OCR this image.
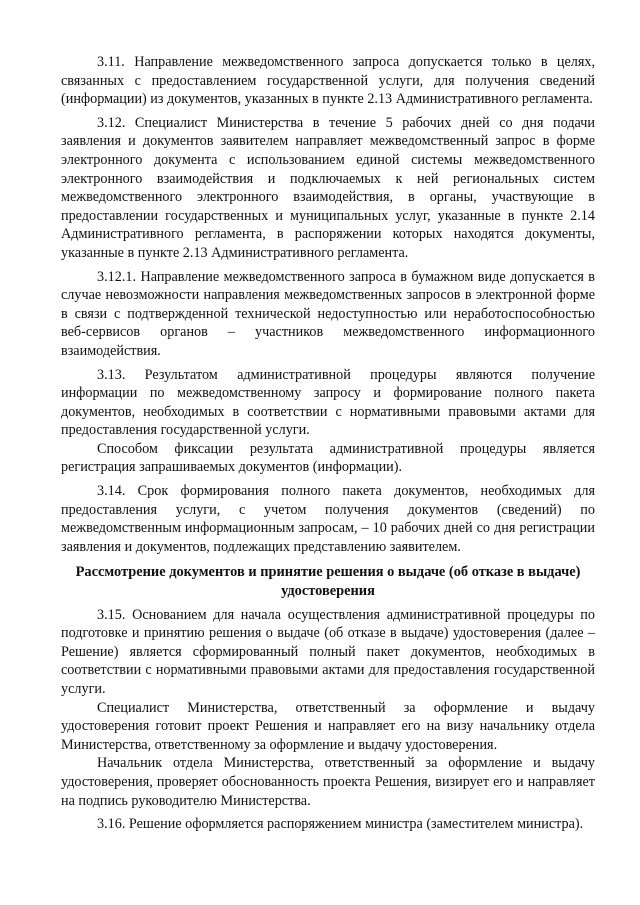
3.11. Направление межведомственного запроса допускается только в целях, связанных с предоставлением государственной услуги, для получения сведений (информации) из документов, указанных в пункте 2.13 Административного регламента.

3.12. Специалист Министерства в течение 5 рабочих дней со дня подачи заявления и документов заявителем направляет межведомственный запрос в форме электронного документа с использованием единой системы межведомственного электронного взаимодействия и подключаемых к ней региональных систем межведомственного электронного взаимодействия, в органы, участвующие в предоставлении государственных и муниципальных услуг, указанные в пункте 2.14 Административного регламента, в распоряжении которых находятся документы, указанные в пункте 2.13 Административного регламента.

3.12.1. Направление межведомственного запроса в бумажном виде допускается в случае невозможности направления межведомственных запросов в электронной форме в связи с подтвержденной технической недоступностью или неработоспособностью веб-сервисов органов – участников межведомственного информационного взаимодействия.

3.13. Результатом административной процедуры являются получение информации по межведомственному запросу и формирование полного пакета документов, необходимых в соответствии с нормативными правовыми актами для предоставления государственной услуги.

Способом фиксации результата административной процедуры является регистрация запрашиваемых документов (информации).

3.14. Срок формирования полного пакета документов, необходимых для предоставления услуги, с учетом получения документов (сведений) по межведомственным информационным запросам, – 10 рабочих дней со дня регистрации заявления и документов, подлежащих представлению заявителем.

Рассмотрение документов и принятие решения о выдаче (об отказе в выдаче) удостоверения

3.15. Основанием для начала осуществления административной процедуры по подготовке и принятию решения о выдаче (об отказе в выдаче) удостоверения (далее – Решение) является сформированный полный пакет документов, необходимых в соответствии с нормативными правовыми актами для предоставления государственной услуги.

Специалист Министерства, ответственный за оформление и выдачу удостоверения готовит проект Решения и направляет его на визу начальнику отдела Министерства, ответственному за оформление и выдачу удостоверения.

Начальник отдела Министерства, ответственный за оформление и выдачу удостоверения, проверяет обоснованность проекта Решения, визирует его и направляет на подпись руководителю Министерства.

3.16. Решение оформляется распоряжением министра (заместителем министра).
